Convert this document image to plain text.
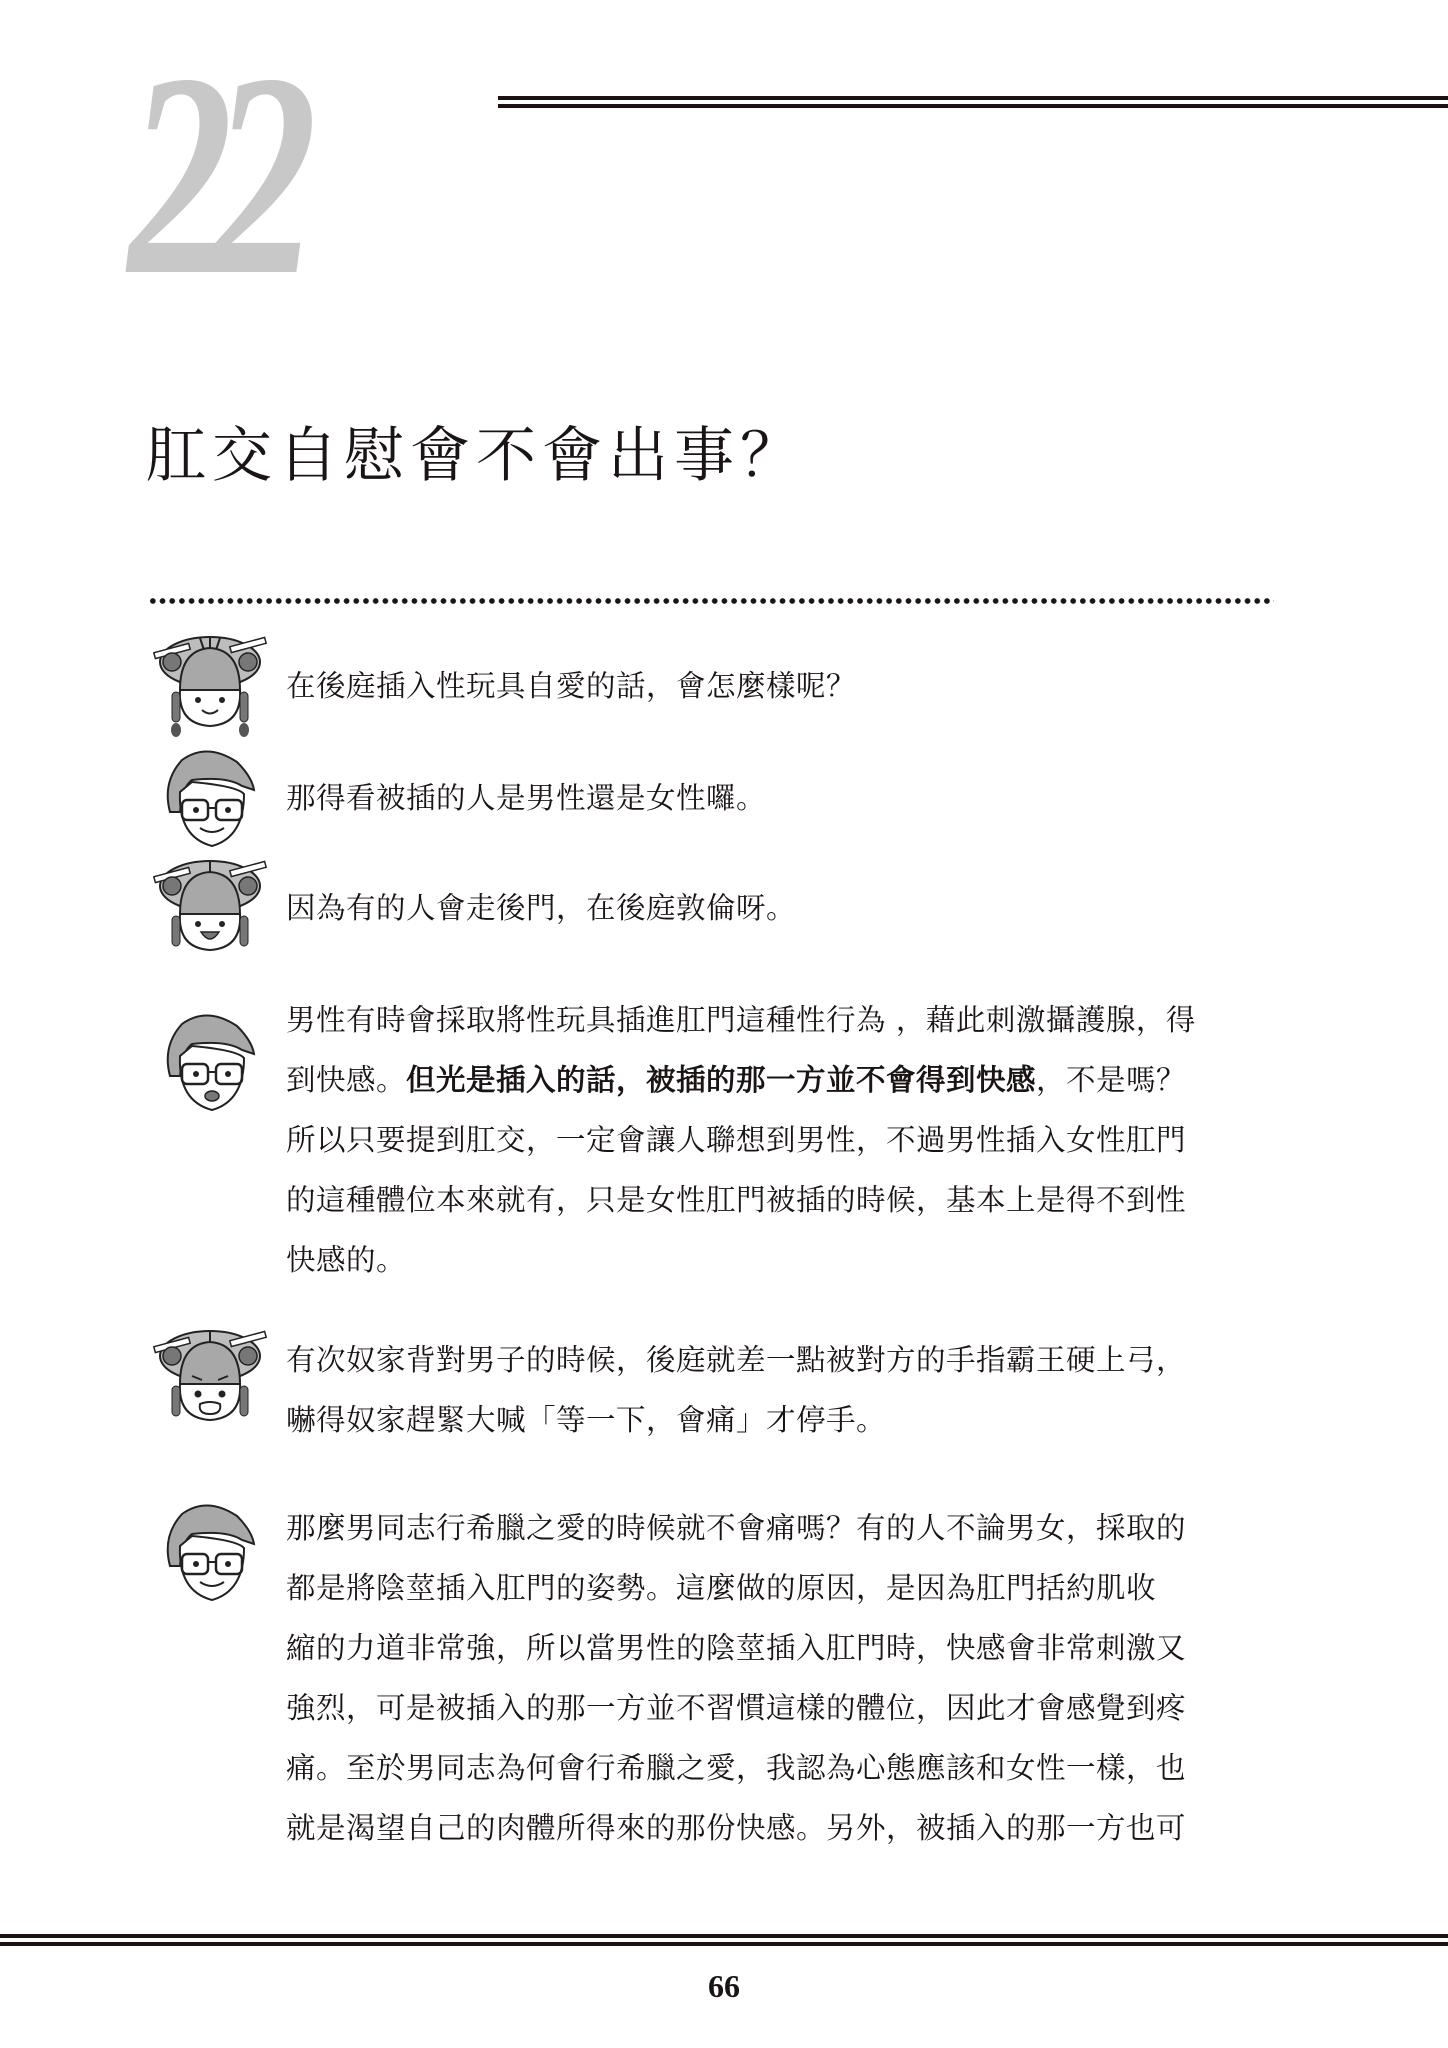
22
肛交自慰會不會出事？
在後庭插入性玩具自愛的話，會怎麼樣呢？
那得看被插的人是男性還是女性囉。
因為有的人會走後門，在後庭敦倫呀。
男性有時會採取將性玩具插進肛門這種性行為 ，藉此刺激攝護腺，得
到快感。但光是插入的話，被插的那一方並不會得到快感，不是嗎？
所以只要提到肛交，一定會讓人聯想到男性，不過男性插入女性肛門
的這種體位本來就有，只是女性肛門被插的時候，基本上是得不到性
快感的。
有次奴家背對男子的時候，後庭就差一點被對方的手指霸王硬上弓，
嚇得奴家趕緊大喊「等一下，會痛」才停手。
那麼男同志行希臘之愛的時候就不會痛嗎？有的人不論男女，採取的
都是將陰莖插入肛門的姿勢。這麼做的原因，是因為肛門括約肌收
縮的力道非常強，所以當男性的陰莖插入肛門時，快感會非常刺激又
強烈，可是被插入的那一方並不習慣這樣的體位，因此才會感覺到疼
痛。至於男同志為何會行希臘之愛，我認為心態應該和女性一樣，也
就是渴望自己的肉體所得來的那份快感。另外，被插入的那一方也可
66
